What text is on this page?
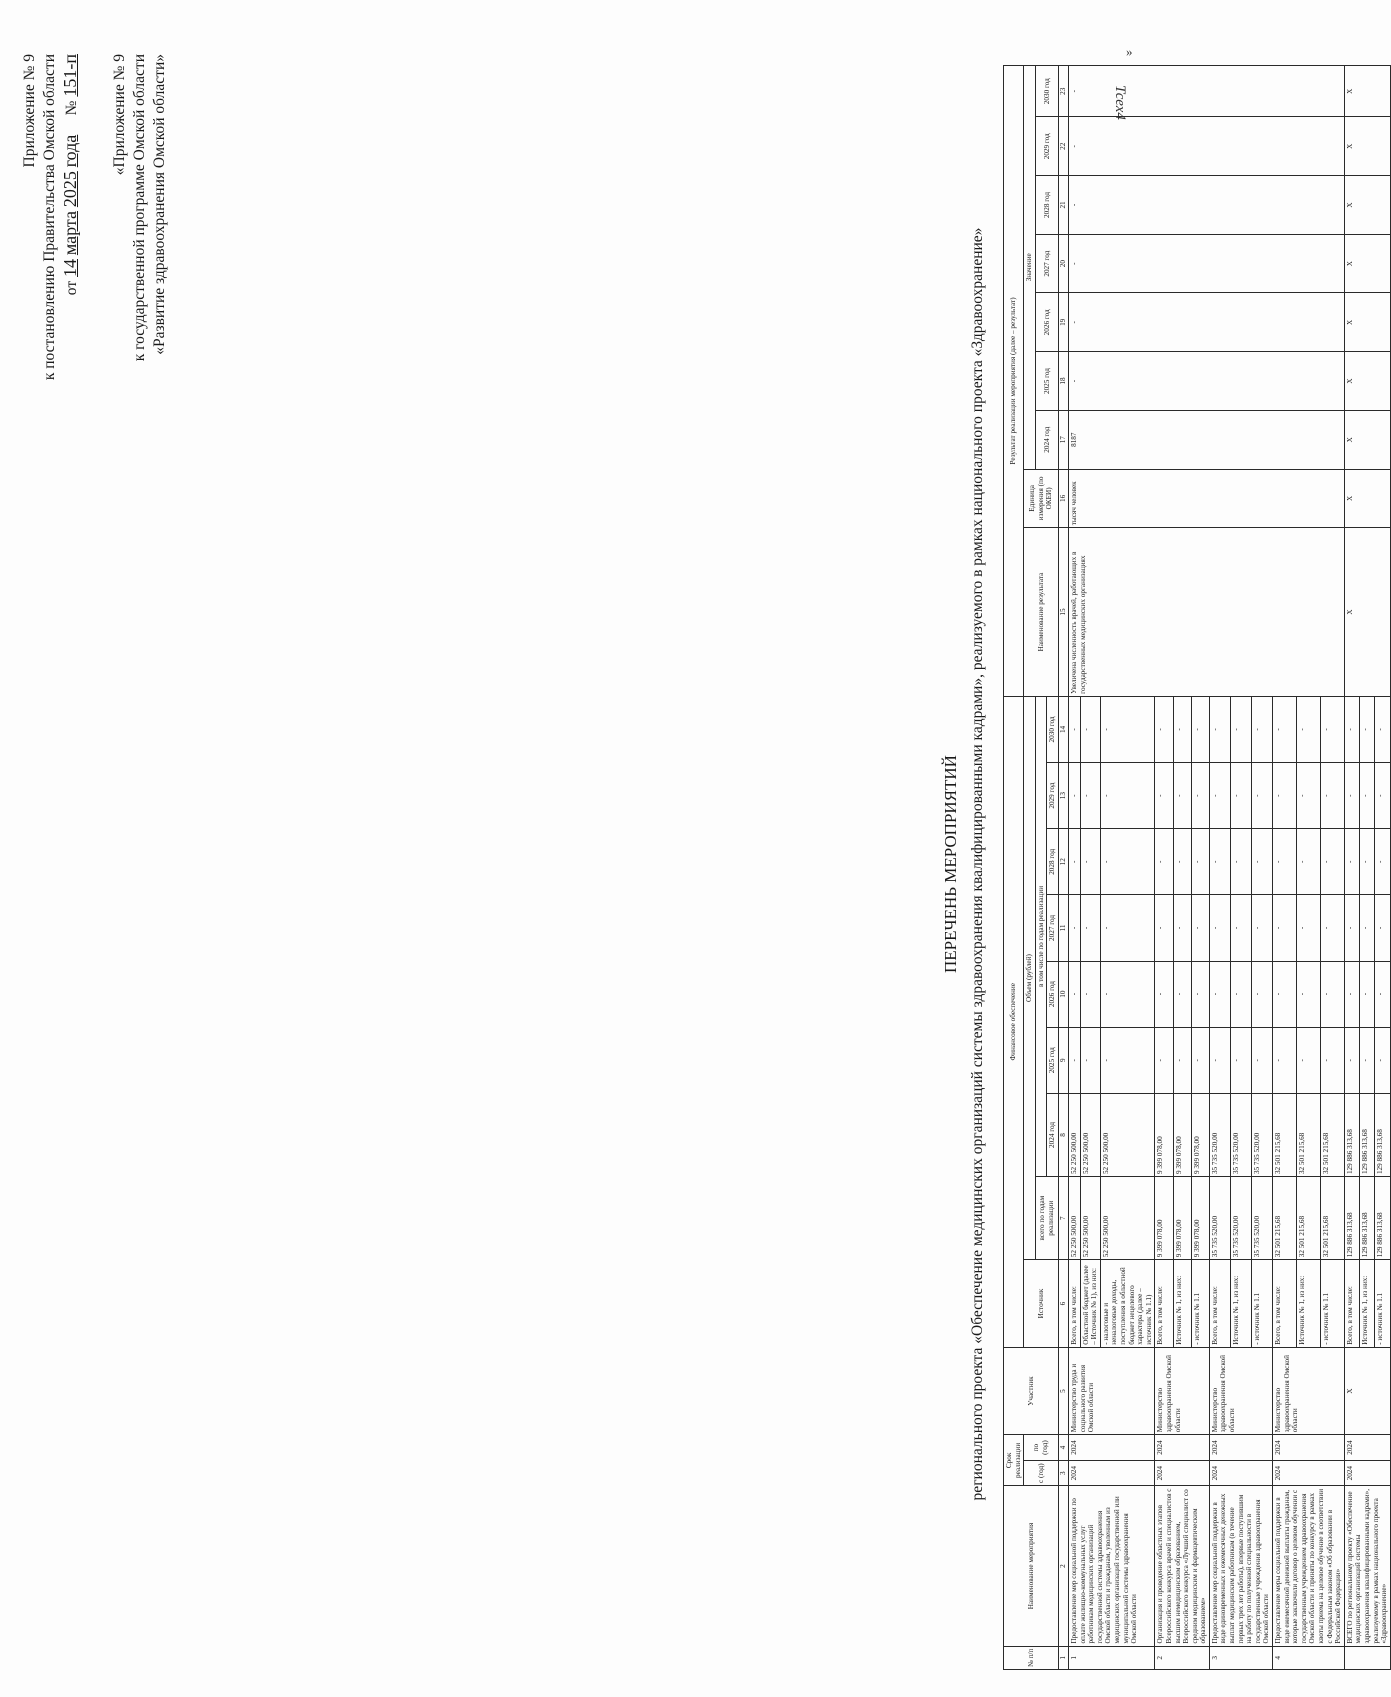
Тсех4
»
Приложение № 9 к постановлению Правительства Омской области от 14 марта 2025 года     № 151-п «Приложение № 9 к государственной программе Омской области «Развитие здравоохранения Омской области»
ПЕРЕЧЕНЬ МЕРОПРИЯТИЙ регионального проекта «Обеспечение медицинских организаций системы здравоохранения квалифицированными кадрами», реализуемого в рамках национального проекта «Здравоохранение»
№ п/п	Наименование мероприятия	Срок реализации		Участник	Финансовое обеспечение									Результат реализации мероприятия (далее – результат)								
		с (год)	по (год)		Источник	Объем (рублей)								Наименование результата	Единица измерения (по ОКЕИ)	Значение						
						всего по годам реализации	в том числе по годам реализации									2024 год	2025 год	2026 год	2027 год	2028 год	2029 год	2030 год
							2024 год	2025 год	2026 год	2027 год	2028 год	2029 год	2030 год									
1	2	3	4	5	6	7	8	9	10	11	12	13	14	15	16	17	18	19	20	21	22	23
1	Предоставление мер социальной поддержки по оплате жилищно-коммунальных услуг работникам медицинских организаций государственной системы здравоохранения Омской области и гражданам, уволенным из медицинских организаций государственной или муниципальной системы здравоохранения Омской области	2024	2024	Министерство труда и социального развития Омской области	Всего, в том числе:	52 250 500,00	52 250 500,00	-	-	-	-	-	-	Увеличена численность врачей, работающих в государственных медицинских организациях	тысяч человек	8187	-	-	-	-	-	-
					Областной бюджет (далее – Источник № 1), из них:	52 250 500,00	52 250 500,00	-	-	-	-	-	-									
					- налоговые и неналоговые доходы, поступления в областной бюджет нецелевого характера (далее – источник № 1.1)	52 250 500,00	52 250 500,00	-	-	-	-	-	-									
2	Организация и проведение областных этапов Всероссийского конкурса врачей и специалистов с высшим немедицинским образованием, Всероссийского конкурса «Лучший специалист со средним медицинским и фармацевтическим образованием»	2024	2024	Министерство здравоохранения Омской области	Всего, в том числе:	9 399 078,00	9 399 078,00	-	-	-	-	-	-									
					Источник № 1, из них:	9 399 078,00	9 399 078,00	-	-	-	-	-	-									
					- источник № 1.1	9 399 078,00	9 399 078,00	-	-	-	-	-	-									
3	Предоставление мер социальной поддержки в виде единовременных и ежемесячных денежных выплат медицинским работникам (в течение первых трех лет работы), впервые поступившим на работу по полученной специальности в государственные учреждения здравоохранения Омской области	2024	2024	Министерство здравоохранения Омской области	Всего, в том числе:	35 735 520,00	35 735 520,00	-	-	-	-	-	-									
					Источник № 1, из них:	35 735 520,00	35 735 520,00	-	-	-	-	-	-									
					- источник № 1.1	35 735 520,00	35 735 520,00	-	-	-	-	-	-									
4	Предоставление меры социальной поддержки в виде ежемесячной денежной выплаты гражданам, которые заключили договор о целевом обучении с государственным учреждением здравоохранения Омской области и приняты по конкурсу в рамках квоты приема на целевое обучение в соответствии с Федеральным законом «Об образовании в Российской Федерации»	2024	2024	Министерство здравоохранения Омской области	Всего, в том числе:	32 501 215,68	32 501 215,68	-	-	-	-	-	-									
					Источник № 1, из них:	32 501 215,68	32 501 215,68	-	-	-	-	-	-									
					- источник № 1.1	32 501 215,68	32 501 215,68	-	-	-	-	-	-									
	ВСЕГО по региональному проекту «Обеспечение медицинских организаций системы здравоохранения квалифицированными кадрами», реализуемому в рамках национального проекта «Здравоохранение»	2024	2024	X	Всего, в том числе:	129 886 313,68	129 886 313,68	-	-	-	-	-	-	X	X	X	X	X	X	X	X	X
					Источник № 1, из них:	129 886 313,68	129 886 313,68	-	-	-	-	-	-									
					- источник № 1.1	129 886 313,68	129 886 313,68	-	-	-	-	-	-									
